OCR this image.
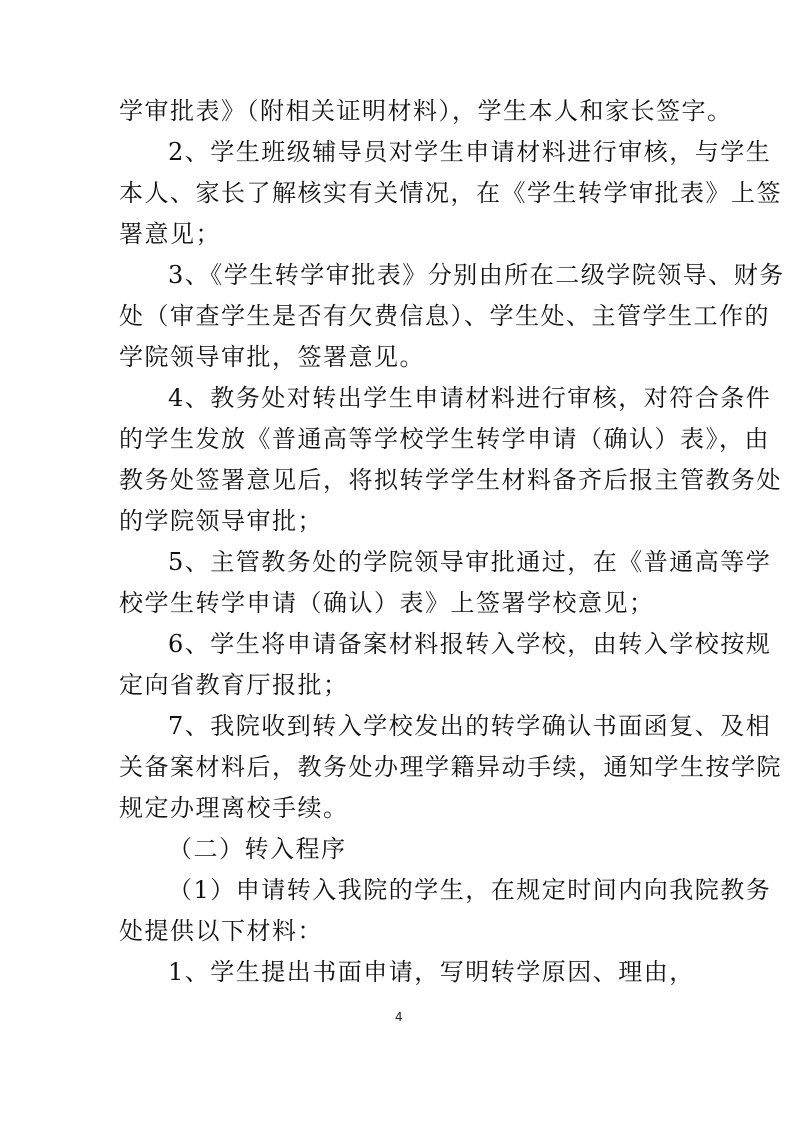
学审批表》（附相关证明材料），学生本人和家长签字。
2、学生班级辅导员对学生申请材料进行审核，与学生
本人、家长了解核实有关情况，在《学生转学审批表》上签
署意见；
3、《学生转学审批表》分别由所在二级学院领导、财务
处（审查学生是否有欠费信息）、学生处、主管学生工作的
学院领导审批，签署意见。
4、教务处对转出学生申请材料进行审核，对符合条件
的学生发放《普通高等学校学生转学申请（确认）表》，由
教务处签署意见后，将拟转学学生材料备齐后报主管教务处
的学院领导审批；
5、主管教务处的学院领导审批通过，在《普通高等学
校学生转学申请（确认）表》上签署学校意见；
6、学生将申请备案材料报转入学校，由转入学校按规
定向省教育厅报批；
7、我院收到转入学校发出的转学确认书面函复、及相
关备案材料后，教务处办理学籍异动手续，通知学生按学院
规定办理离校手续。
（二）转入程序
（1）申请转入我院的学生，在规定时间内向我院教务
处提供以下材料：
1、学生提出书面申请，写明转学原因、理由，
4
